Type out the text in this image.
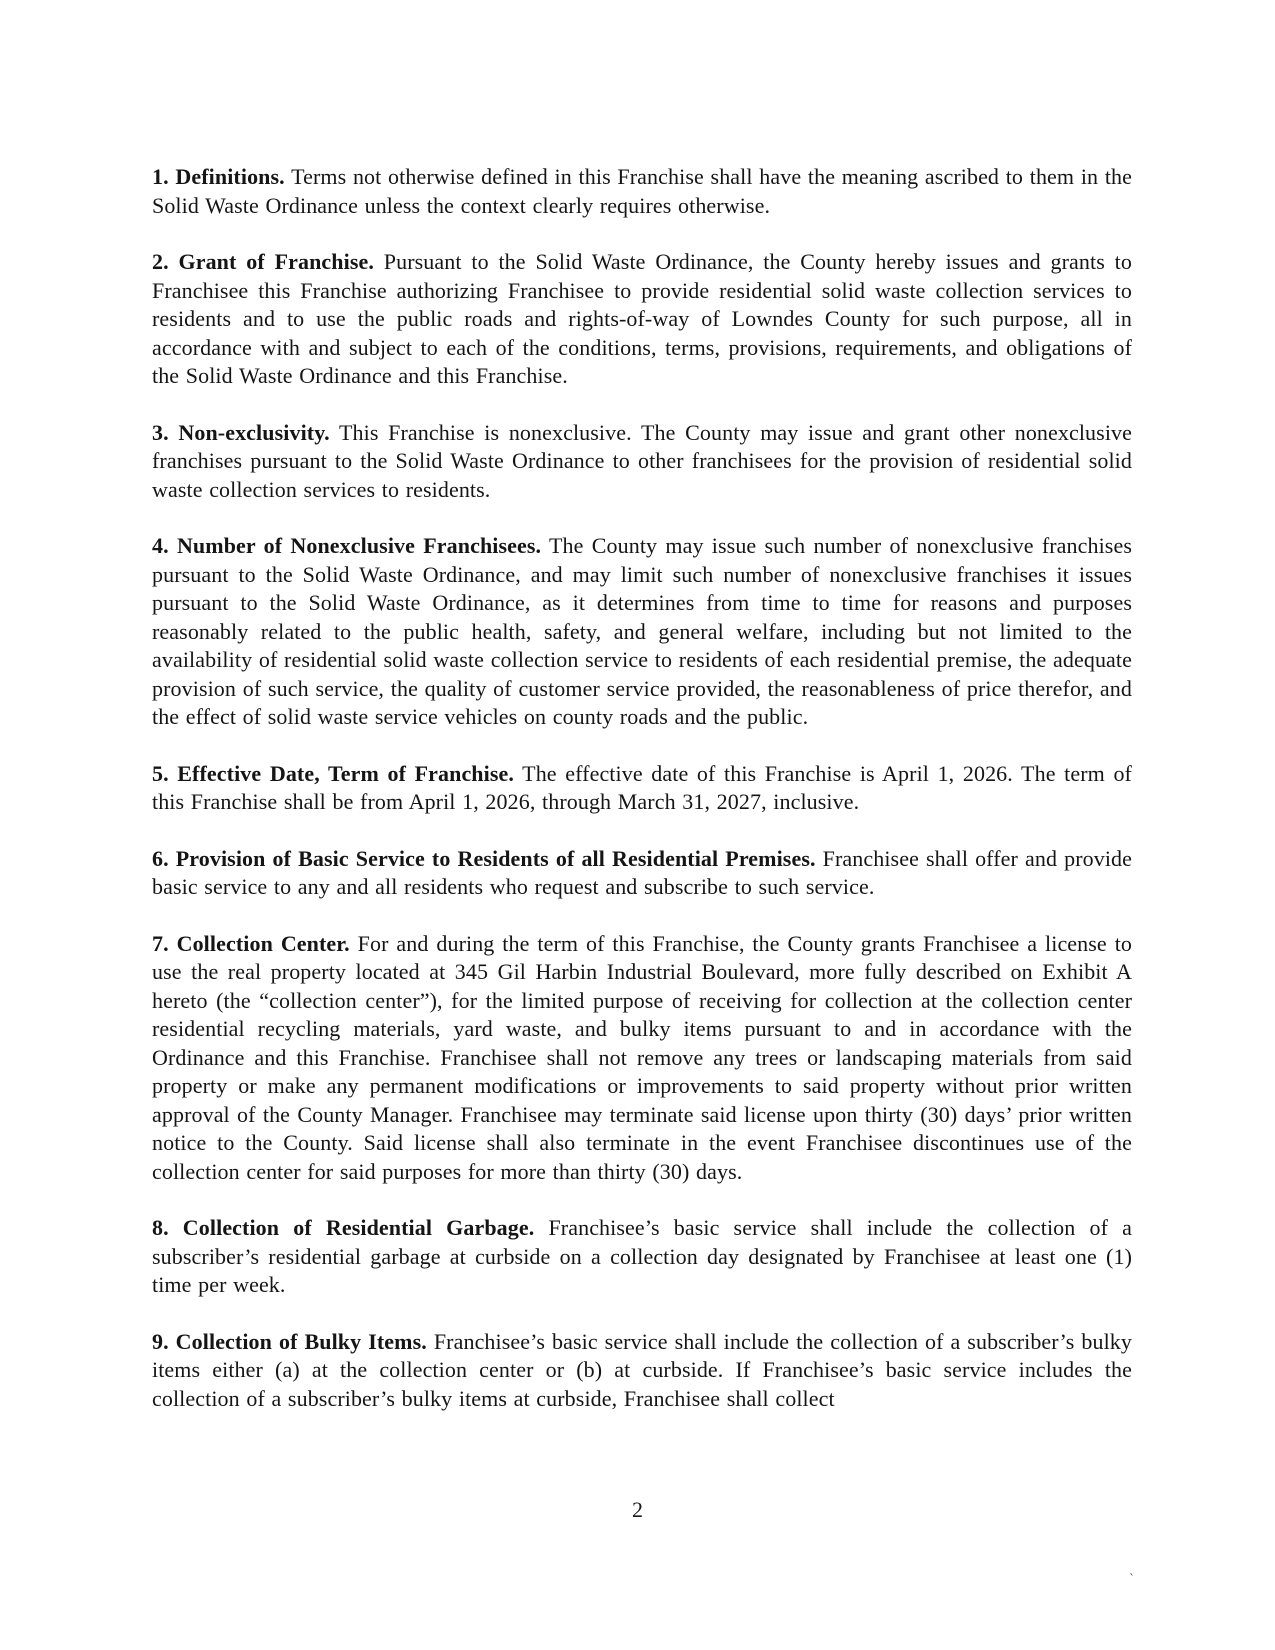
1. Definitions. Terms not otherwise defined in this Franchise shall have the meaning ascribed to them in the Solid Waste Ordinance unless the context clearly requires otherwise.

2. Grant of Franchise. Pursuant to the Solid Waste Ordinance, the County hereby issues and grants to Franchisee this Franchise authorizing Franchisee to provide residential solid waste collection services to residents and to use the public roads and rights-of-way of Lowndes County for such purpose, all in accordance with and subject to each of the conditions, terms, provisions, requirements, and obligations of the Solid Waste Ordinance and this Franchise.

3. Non-exclusivity. This Franchise is nonexclusive. The County may issue and grant other nonexclusive franchises pursuant to the Solid Waste Ordinance to other franchisees for the provision of residential solid waste collection services to residents.

4. Number of Nonexclusive Franchisees. The County may issue such number of nonexclusive franchises pursuant to the Solid Waste Ordinance, and may limit such number of nonexclusive franchises it issues pursuant to the Solid Waste Ordinance, as it determines from time to time for reasons and purposes reasonably related to the public health, safety, and general welfare, including but not limited to the availability of residential solid waste collection service to residents of each residential premise, the adequate provision of such service, the quality of customer service provided, the reasonableness of price therefor, and the effect of solid waste service vehicles on county roads and the public.

5. Effective Date, Term of Franchise. The effective date of this Franchise is April 1, 2026. The term of this Franchise shall be from April 1, 2026, through March 31, 2027, inclusive.

6. Provision of Basic Service to Residents of all Residential Premises. Franchisee shall offer and provide basic service to any and all residents who request and subscribe to such service.

7. Collection Center. For and during the term of this Franchise, the County grants Franchisee a license to use the real property located at 345 Gil Harbin Industrial Boulevard, more fully described on Exhibit A hereto (the “collection center”), for the limited purpose of receiving for collection at the collection center residential recycling materials, yard waste, and bulky items pursuant to and in accordance with the Ordinance and this Franchise. Franchisee shall not remove any trees or landscaping materials from said property or make any permanent modifications or improvements to said property without prior written approval of the County Manager. Franchisee may terminate said license upon thirty (30) days’ prior written notice to the County. Said license shall also terminate in the event Franchisee discontinues use of the collection center for said purposes for more than thirty (30) days.

8. Collection of Residential Garbage. Franchisee’s basic service shall include the collection of a subscriber’s residential garbage at curbside on a collection day designated by Franchisee at least one (1) time per week.

9. Collection of Bulky Items. Franchisee’s basic service shall include the collection of a subscriber’s bulky items either (a) at the collection center or (b) at curbside. If Franchisee’s basic service includes the collection of a subscriber’s bulky items at curbside, Franchisee shall collect

2
ˋ
